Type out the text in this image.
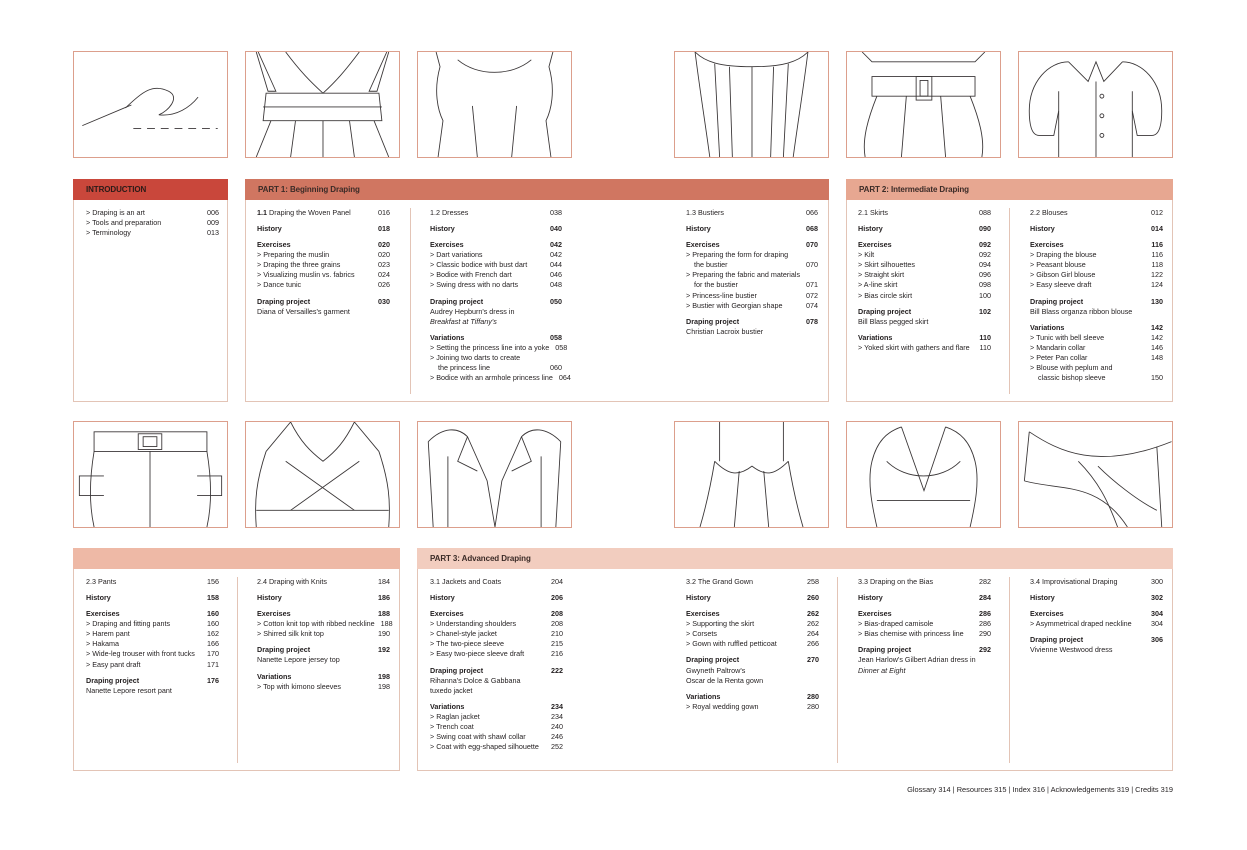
INTRODUCTION	PART 1: Beginning Draping	PART 2: Intermediate Draping
> Draping is an art	006
> Tools and preparation	009
> Terminology	013
1.1 Draping the Woven Panel	016
History	018
Exercises	020
> Preparing the muslin	020
> Draping the three grains	023
> Visualizing muslin vs. fabrics	024
> Dance tunic	026
Draping project	030
Diana of Versailles's garment
1.2 Dresses	038
History	040
Exercises	042
> Dart variations	042
> Classic bodice with bust dart	044
> Bodice with French dart	046
> Swing dress with no darts	048
Draping project	050
Audrey Hepburn's dress in
Breakfast at Tiffany's
Variations	058
> Setting the princess line into a yoke 058
> Joining two darts to create
the princess line	060
> Bodice with an armhole princess line 064
1.3 Bustiers	066
History	068
Exercises	070
> Preparing the form for draping
the bustier	070
> Preparing the fabric and materials
for the bustier	071
> Princess-line bustier	072
> Bustier with Georgian shape	074
Draping project	078
Christian Lacroix bustier
2.1 Skirts	088
History	090
Exercises	092
> Kilt	092
> Skirt silhouettes	094
> Straight skirt	096
> A-line skirt	098
> Bias circle skirt	100
Draping project	102
Bill Blass pegged skirt
Variations	110
> Yoked skirt with gathers and flare 110
2.2 Blouses	012
History	014
Exercises	116
> Draping the blouse	116
> Peasant blouse	118
> Gibson Girl blouse	122
> Easy sleeve draft	124
Draping project	130
Bill Blass organza ribbon blouse
Variations	142
> Tunic with bell sleeve	142
> Mandarin collar	146
> Peter Pan collar	148
> Blouse with peplum and
classic bishop sleeve	150
PART 3: Advanced Draping
2.3 Pants	156
History	158
Exercises	160
> Draping and fitting pants	160
> Harem pant	162
> Hakama	166
> Wide-leg trouser with front tucks 170
> Easy pant draft	171
Draping project	176
Nanette Lepore resort pant
2.4 Draping with Knits	184
History	186
Exercises	188
> Cotton knit top with ribbed neckline 188
> Shirred silk knit top	190
Draping project	192
Nanette Lepore jersey top
Variations	198
> Top with kimono sleeves	198
3.1 Jackets and Coats	204
History	206
Exercises	208
> Understanding shoulders	208
> Chanel-style jacket	210
> The two-piece sleeve	215
> Easy two-piece sleeve draft	216
Draping project	222
Rihanna's Dolce & Gabbana
tuxedo jacket
Variations	234
> Raglan jacket	234
> Trench coat	240
> Swing coat with shawl collar	246
> Coat with egg-shaped silhouette 252
3.2 The Grand Gown	258
History	260
Exercises	262
> Supporting the skirt	262
> Corsets	264
> Gown with ruffled petticoat	266
Draping project	270
Gwyneth Paltrow's
Oscar de la Renta gown
Variations	280
> Royal wedding gown	280
3.3 Draping on the Bias	282
History	284
Exercises	286
> Bias-draped camisole	286
> Bias chemise with princess line 290
Draping project	292
Jean Harlow's Gilbert Adrian dress in
Dinner at Eight
3.4 Improvisational Draping	300
History	302
Exercises	304
> Asymmetrical draped neckline	304
Draping project	306
Vivienne Westwood dress
Glossary 314 | Resources 315 | Index 316 | Acknowledgements 319 | Credits 319
